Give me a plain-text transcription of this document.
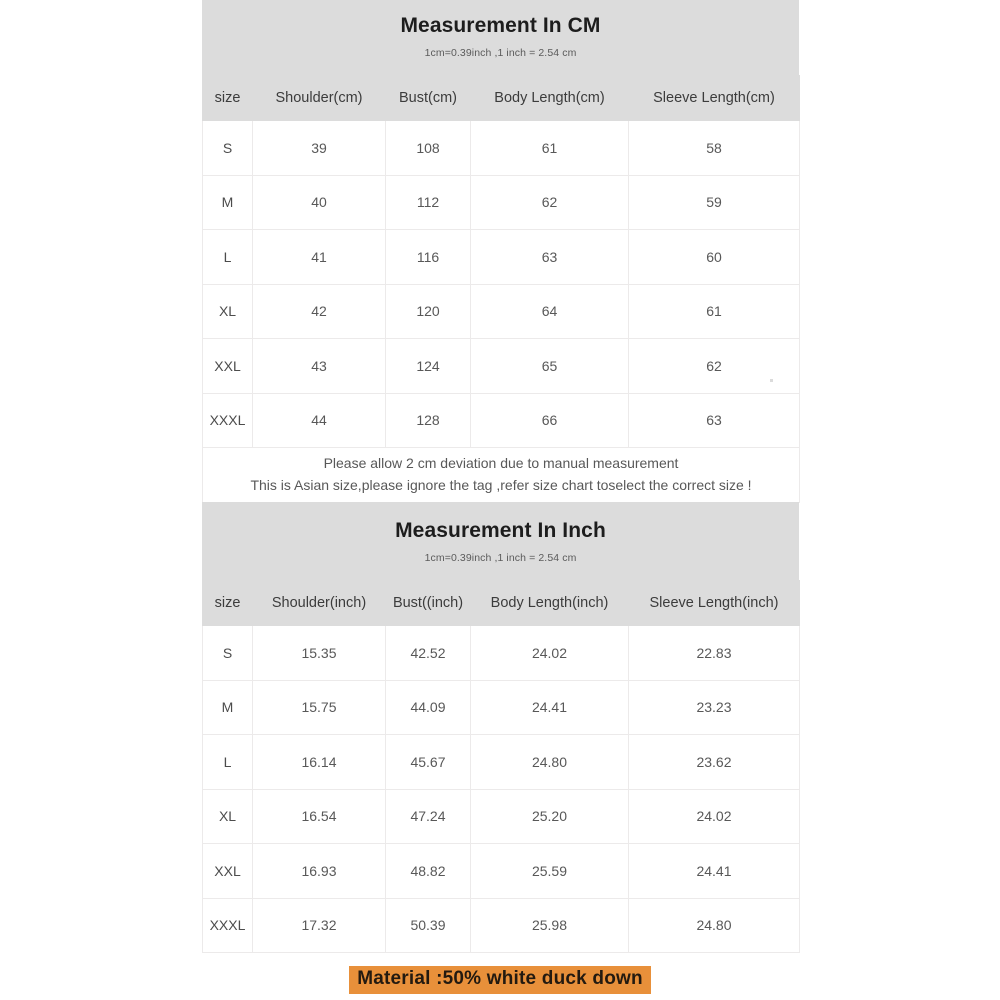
Measurement In CM
1cm=0.39inch ,1 inch = 2.54 cm
size	Shoulder(cm)	Bust(cm)	Body Length(cm)	Sleeve Length(cm)
S	39	108	61	58
M	40	112	62	59
L	41	116	63	60
XL	42	120	64	61
XXL	43	124	65	62
XXXL	44	128	66	63

Please allow 2 cm deviation due to manual measurement
This is Asian size,please ignore the tag ,refer size chart toselect the correct size !				
Measurement In Inch
1cm=0.39inch ,1 inch = 2.54 cm
size	Shoulder(inch)	Bust((inch)	Body Length(inch)	Sleeve Length(inch)
S	15.35	42.52	24.02	22.83
M	15.75	44.09	24.41	23.23
L	16.14	45.67	24.80	23.62
XL	16.54	47.24	25.20	24.02
XXL	16.93	48.82	25.59	24.41
XXXL	17.32	50.39	25.98	24.80
Material :50% white duck down
